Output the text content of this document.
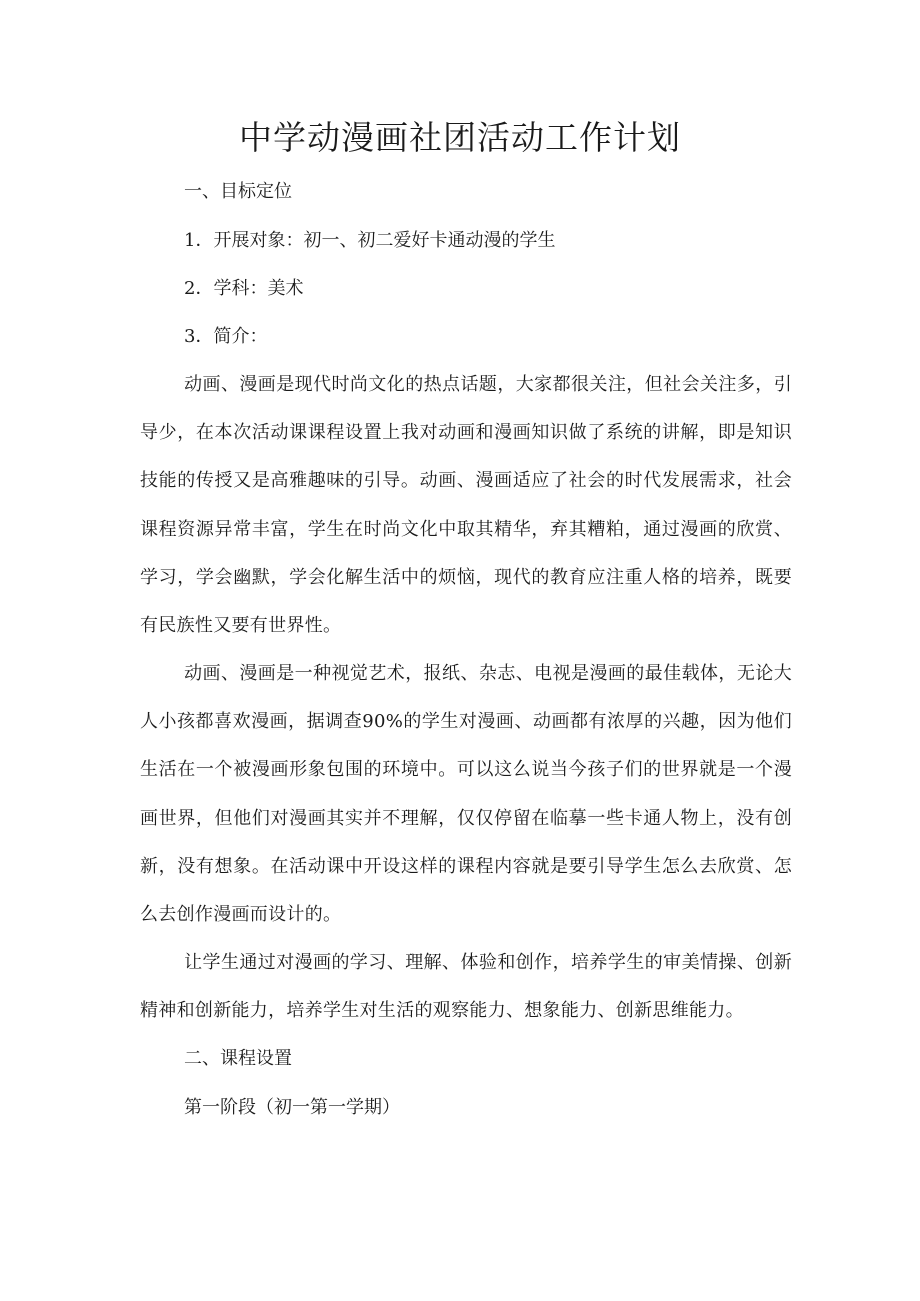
中学动漫画社团活动工作计划
一、目标定位
1．开展对象：初一、初二爱好卡通动漫的学生
2．学科：美术
3．简介：

动画、漫画是现代时尚文化的热点话题，大家都很关注，但社会关注多，引导少，在本次活动课课程设置上我对动画和漫画知识做了系统的讲解，即是知识技能的传授又是高雅趣味的引导。动画、漫画适应了社会的时代发展需求，社会课程资源异常丰富，学生在时尚文化中取其精华，弃其糟粕，通过漫画的欣赏、学习，学会幽默，学会化解生活中的烦恼，现代的教育应注重人格的培养，既要有民族性又要有世界性。

动画、漫画是一种视觉艺术，报纸、杂志、电视是漫画的最佳载体，无论大人小孩都喜欢漫画，据调查90%的学生对漫画、动画都有浓厚的兴趣，因为他们生活在一个被漫画形象包围的环境中。可以这么说当今孩子们的世界就是一个漫画世界，但他们对漫画其实并不理解，仅仅停留在临摹一些卡通人物上，没有创新，没有想象。在活动课中开设这样的课程内容就是要引导学生怎么去欣赏、怎么去创作漫画而设计的。

让学生通过对漫画的学习、理解、体验和创作，培养学生的审美情操、创新精神和创新能力，培养学生对生活的观察能力、想象能力、创新思维能力。

二、课程设置
第一阶段（初一第一学期）
